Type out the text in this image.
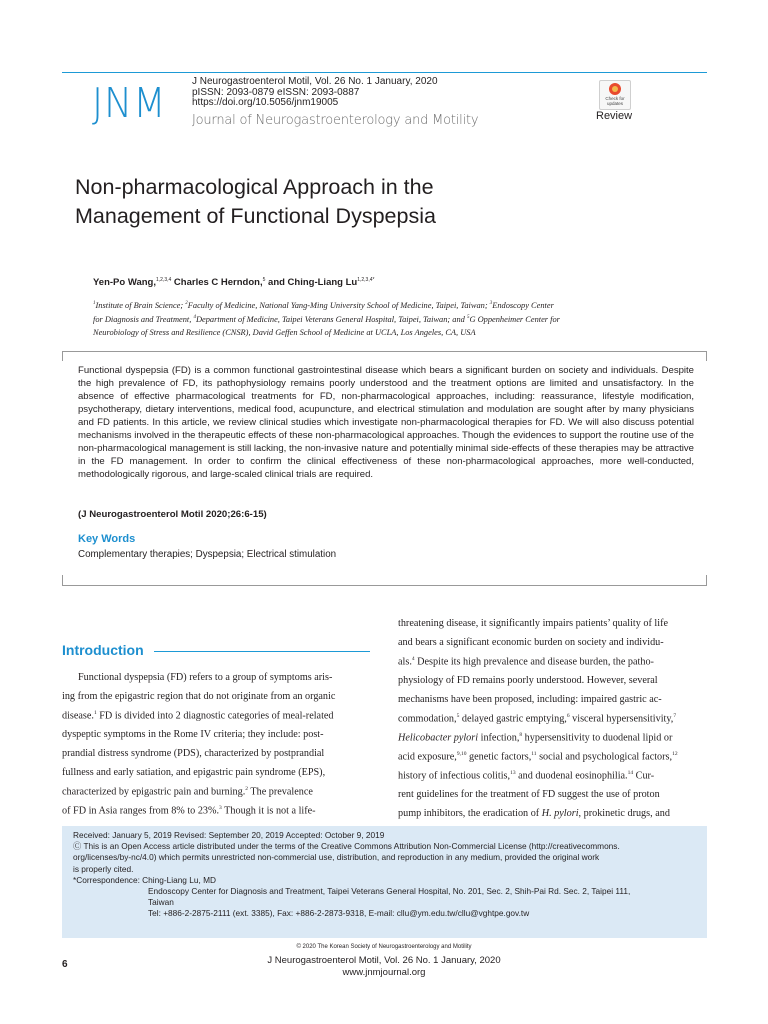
JNM	J Neurogastroenterol Motil, Vol. 26 No. 1 January, 2020
pISSN: 2093-0879 eISSN: 2093-0887
https://doi.org/10.5056/jnm19005
Journal of Neurogastroenterology and Motility
Check for updates
Review
Non-pharmacological Approach in the
Management of Functional Dyspepsia
Yen-Po Wang,$^{1,2,3,4}$ Charles C Herndon,$^5$ and Ching-Liang $Lu^{1,2,3,4*}$
$^1$Institute of Brain Science; $^2$Faculty of Medicine, National Yang-Ming University School of Medicine, Taipei, Taiwan; $^3$Endoscopy Center
for Diagnosis and Treatment, $^4$Department of Medicine, Taipei Veterans General Hospital, Taipei, Taiwan; and $^5$G Oppenheimer Center for
Neurobiology of Stress and Resilience (CNSR), David Geffen School of Medicine at UCLA, Los Angeles, CA, USA
Functional dyspepsia (FD) is a common functional gastrointestinal disease which bears a significant burden on society and individuals. Despite the high prevalence of FD, its pathophysiology remains poorly understood and the treatment options are limited and unsatisfactory. In the absence of effective pharmacological treatments for FD, non-pharmacological approaches, including: reassurance, lifestyle modification, psychotherapy, dietary interventions, medical food, acupuncture, and electrical stimulation and modulation are sought after by many physicians and FD patients. In this article, we review clinical studies which investigate non-pharmacological therapies for FD. We will also discuss potential mechanisms involved in the therapeutic effects of these non-pharmacological approaches. Though the evidences to support the routine use of the non-pharmacological management is still lacking, the non-invasive nature and potentially minimal side-effects of these therapies may be attractive in the FD management. In order to confirm the clinical effectiveness of these non-pharmacological approaches, more well-conducted, methodologically rigorous, and large-scaled clinical trials are required.
(J Neurogastroenterol Motil 2020;26:6-15)
Key Words
Complementary therapies; Dyspepsia; Electrical stimulation
Introduction
Functional dyspepsia (FD) refers to a group of symptoms aris-
ing from the epigastric region that do not originate from an organic
disease.$^1$ FD is divided into 2 diagnostic categories of meal-related
dyspeptic symptoms in the Rome IV criteria; they include: post-
prandial distress syndrome (PDS), characterized by postprandial
fullness and early satiation, and epigastric pain syndrome (EPS),
characterized by epigastric pain and burning.$^2$ The prevalence
of FD in Asia ranges from 8% to 23%.$^3$ Though it is not a life-
threatening disease, it significantly impairs patients’ quality of life
and bears a significant economic burden on society and individu-
als.$^4$ Despite its high prevalence and disease burden, the patho-
physiology of FD remains poorly understood. However, several
mechanisms have been proposed, including: impaired gastric ac-
commodation,$^5$ delayed gastric emptying,$^6$ visceral hypersensitivity,$^7$
Helicobacter pylori infection,$^8$ hypersensitivity to duodenal lipid or
acid exposure,$^{9,10}$ genetic factors,$^{11}$ social and psychological factors,$^{12}$
history of infectious colitis,$^{13}$ and duodenal eosinophilia.$^{14}$ Cur-
rent guidelines for the treatment of FD suggest the use of proton
pump inhibitors, the eradication of H. pylori, prokinetic drugs, and
Received: January 5, 2019 Revised: September 20, 2019 Accepted: October 9, 2019
Ⓒ This is an Open Access article distributed under the terms of the Creative Commons Attribution Non-Commercial License (http://creativecommons.
org/licenses/by-nc/4.0) which permits unrestricted non-commercial use, distribution, and reproduction in any medium, provided the original work
is properly cited.
*Correspondence: Ching-Liang Lu, MD
Endoscopy Center for Diagnosis and Treatment, Taipei Veterans General Hospital, No. 201, Sec. 2, Shih-Pai Rd. Sec. 2, Taipei 111,
Taiwan
Tel: +886-2-2875-2111 (ext. 3385), Fax: +886-2-2873-9318, E-mail: cllu@ym.edu.tw/cllu@vghtpe.gov.tw
© 2020 The Korean Society of Neurogastroenterology and Motility
6	J Neurogastroenterol Motil, Vol. 26 No. 1 January, 2020
www.jnmjournal.org
